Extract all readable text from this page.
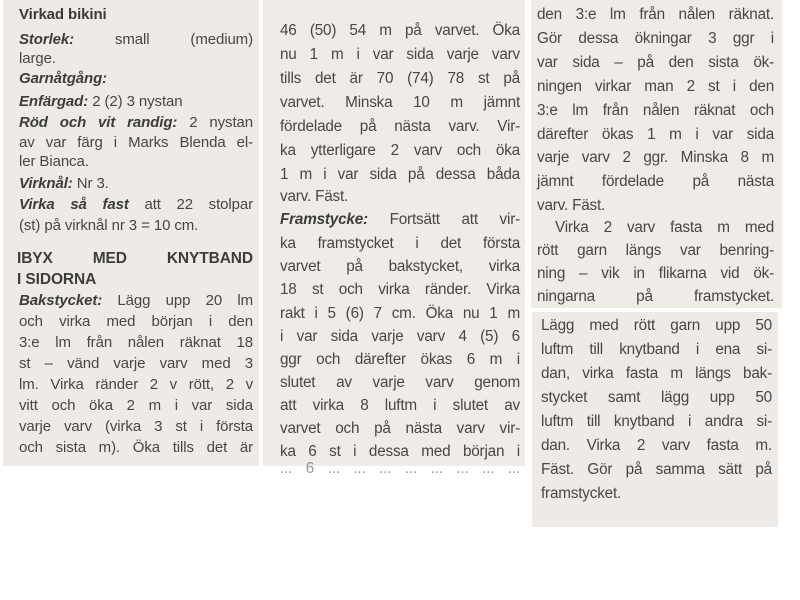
Virkad bikini
Storlek:	small (medium)
large.
Garnåtgång:
Enfärgad: 2 (2) 3 nystan
Röd och vit randig: 2 nystan
av var färg i Marks Blenda el-
ler Bianca.
Virknål: Nr 3.
Virka så fast att 22 stolpar
(st) på virknål nr 3 = 10 cm.
IBYX MED KNYTBAND
I SIDORNA
Bakstycket: Lägg upp 20 lm
och virka med början i den
3:e lm från nålen räknat 18
st – vänd varje varv med 3
lm. Virka ränder 2 v rött, 2 v
vitt och öka 2 m i var sida
varje varv (virka 3 st i första
och sista m). Öka tills det är
46 (50) 54 m på varvet. Öka
nu 1 m i var sida varje varv
tills det är 70 (74) 78 st på
varvet. Minska 10 m jämnt
fördelade på nästa varv. Vir-
ka ytterligare 2 varv och öka
1 m i var sida på dessa båda
varv. Fäst.
Framstycke: Fortsätt att vir-
ka framstycket i det första
varvet på bakstycket, virka
18 st och virka ränder. Virka
rakt i 5 (6) 7 cm. Öka nu 1 m
i var sida varje varv 4 (5) 6
ggr och därefter ökas 6 m i
slutet av varje varv genom
att virka 8 luftm i slutet av
varvet och på nästa varv vir-
ka 6 st i dessa med början i
... 6 ... ... ... ... ... ... ... ...
den 3:e lm från nålen räknat.
Gör dessa ökningar 3 ggr i
var sida – på den sista ök-
ningen virkar man 2 st i den
3:e lm från nålen räknat och
därefter ökas 1 m i var sida
varje varv 2 ggr. Minska 8 m
jämnt fördelade på nästa
varv. Fäst.
Virka 2 varv fasta m med
rött garn längs var benring-
ning – vik in flikarna vid ök-
ningarna på framstycket.
Lägg med rött garn upp 50
luftm till knytband i ena si-
dan, virka fasta m längs bak-
stycket samt lägg upp 50
luftm till knytband i andra si-
dan. Virka 2 varv fasta m.
Fäst. Gör på samma sätt på
framstycket.
